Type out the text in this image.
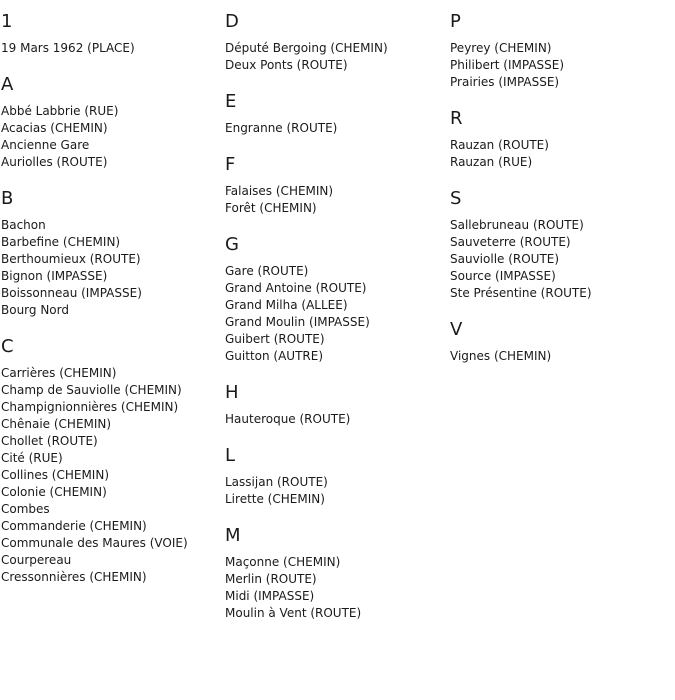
1
19 Mars 1962 (PLACE)
A
Abbé Labbrie (RUE)
Acacias (CHEMIN)
Ancienne Gare
Auriolles (ROUTE)
B
Bachon
Barbefine (CHEMIN)
Berthoumieux (ROUTE)
Bignon (IMPASSE)
Boissonneau (IMPASSE)
Bourg Nord
C
Carrières (CHEMIN)
Champ de Sauviolle (CHEMIN)
Champignionnières (CHEMIN)
Chênaie (CHEMIN)
Chollet (ROUTE)
Cité (RUE)
Collines (CHEMIN)
Colonie (CHEMIN)
Combes
Commanderie (CHEMIN)
Communale des Maures (VOIE)
Courpereau
Cressonnières (CHEMIN)
D
Député Bergoing (CHEMIN)
Deux Ponts (ROUTE)
E
Engranne (ROUTE)
F
Falaises (CHEMIN)
Forêt (CHEMIN)
G
Gare (ROUTE)
Grand Antoine (ROUTE)
Grand Milha (ALLEE)
Grand Moulin (IMPASSE)
Guibert (ROUTE)
Guitton (AUTRE)
H
Hauteroque (ROUTE)
L
Lassijan (ROUTE)
Lirette (CHEMIN)
M
Maçonne (CHEMIN)
Merlin (ROUTE)
Midi (IMPASSE)
Moulin à Vent (ROUTE)
P
Peyrey (CHEMIN)
Philibert (IMPASSE)
Prairies (IMPASSE)
R
Rauzan (ROUTE)
Rauzan (RUE)
S
Sallebruneau (ROUTE)
Sauveterre (ROUTE)
Sauviolle (ROUTE)
Source (IMPASSE)
Ste Présentine (ROUTE)
V
Vignes (CHEMIN)
